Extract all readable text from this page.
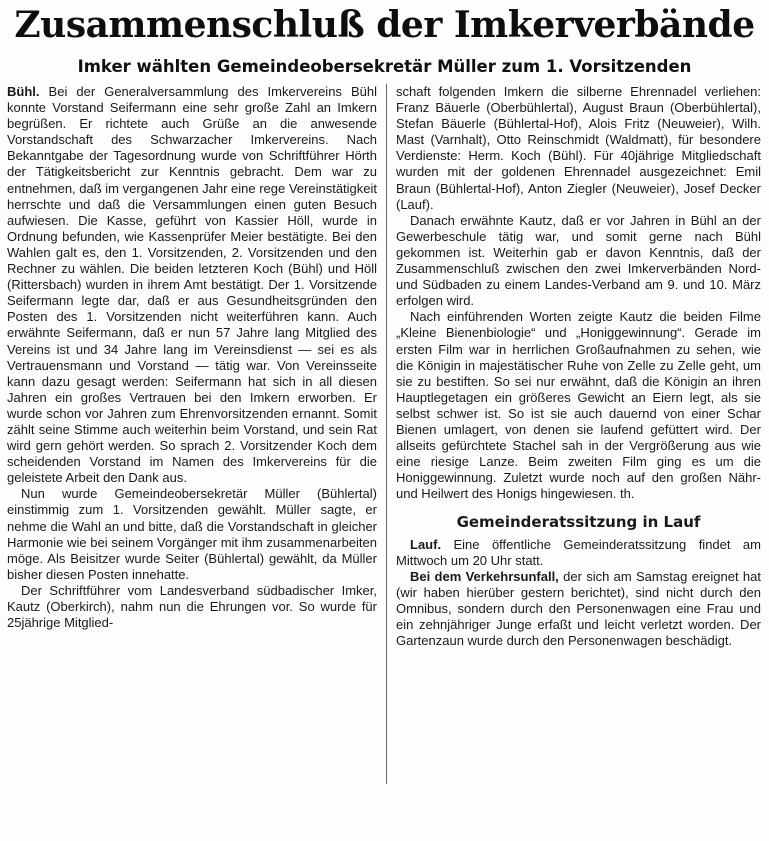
Zusammenschluß der Imkerverbände
Imker wählten Gemeindeobersekretär Müller zum 1. Vorsitzenden

Bühl. Bei der Generalversammlung des Imkervereins Bühl konnte Vorstand Seifermann eine sehr große Zahl an Imkern begrüßen. Er richtete auch Grüße an die anwesende Vorstandschaft des Schwarzacher Imkervereins. Nach Bekanntgabe der Tagesordnung wurde von Schriftführer Hörth der Tätigkeitsbericht zur Kenntnis gebracht. Dem war zu entnehmen, daß im vergangenen Jahr eine rege Vereinstätigkeit herrschte und daß die Versammlungen einen guten Besuch aufwiesen. Die Kasse, geführt von Kassier Höll, wurde in Ordnung befunden, wie Kassenprüfer Meier bestätigte. Bei den Wahlen galt es, den 1. Vorsitzenden, 2. Vorsitzenden und den Rechner zu wählen. Die beiden letzteren Koch (Bühl) und Höll (Rittersbach) wurden in ihrem Amt bestätigt. Der 1. Vorsitzende Seifermann legte dar, daß er aus Gesundheitsgründen den Posten des 1. Vorsitzenden nicht weiterführen kann. Auch erwähnte Seifermann, daß er nun 57 Jahre lang Mitglied des Vereins ist und 34 Jahre lang im Vereinsdienst — sei es als Vertrauensmann und Vorstand — tätig war. Von Vereinsseite kann dazu gesagt werden: Seifermann hat sich in all diesen Jahren ein großes Vertrauen bei den Imkern erworben. Er wurde schon vor Jahren zum Ehrenvorsitzenden ernannt. Somit zählt seine Stimme auch weiterhin beim Vorstand, und sein Rat wird gern gehört werden. So sprach 2. Vorsitzender Koch dem scheidenden Vorstand im Namen des Imkervereins für die geleistete Arbeit den Dank aus.

Nun wurde Gemeindeobersekretär Müller (Bühlertal) einstimmig zum 1. Vorsitzenden gewählt. Müller sagte, er nehme die Wahl an und bitte, daß die Vorstandschaft in gleicher Harmonie wie bei seinem Vorgänger mit ihm zusammenarbeiten möge. Als Beisitzer wurde Seiter (Bühlertal) gewählt, da Müller bisher diesen Posten innehatte.

Der Schriftführer vom Landesverband südbadischer Imker, Kautz (Oberkirch), nahm nun die Ehrungen vor. So wurde für 25jährige Mitglied-

schaft folgenden Imkern die silberne Ehrennadel verliehen: Franz Bäuerle (Oberbühlertal), August Braun (Oberbühlertal), Stefan Bäuerle (Bühlertal-Hof), Alois Fritz (Neuweier), Wilh. Mast (Varnhalt), Otto Reinschmidt (Waldmatt), für besondere Verdienste: Herm. Koch (Bühl). Für 40jährige Mitgliedschaft wurden mit der goldenen Ehrennadel ausgezeichnet: Emil Braun (Bühlertal-Hof), Anton Ziegler (Neuweier), Josef Decker (Lauf).

Danach erwähnte Kautz, daß er vor Jahren in Bühl an der Gewerbeschule tätig war, und somit gerne nach Bühl gekommen ist. Weiterhin gab er davon Kenntnis, daß der Zusammenschluß zwischen den zwei Imkerverbänden Nord- und Südbaden zu einem Landes-Verband am 9. und 10. März erfolgen wird.

Nach einführenden Worten zeigte Kautz die beiden Filme „Kleine Bienenbiologie“ und „Honiggewinnung“. Gerade im ersten Film war in herrlichen Großaufnahmen zu sehen, wie die Königin in majestätischer Ruhe von Zelle zu Zelle geht, um sie zu bestiften. So sei nur erwähnt, daß die Königin an ihren Hauptlegetagen ein größeres Gewicht an Eiern legt, als sie selbst schwer ist. So ist sie auch dauernd von einer Schar Bienen umlagert, von denen sie laufend gefüttert wird. Der allseits gefürchtete Stachel sah in der Vergrößerung aus wie eine riesige Lanze. Beim zweiten Film ging es um die Honiggewinnung. Zuletzt wurde noch auf den großen Nähr- und Heilwert des Honigs hingewiesen. th.

Gemeinderatssitzung in Lauf

Lauf. Eine öffentliche Gemeinderatssitzung findet am Mittwoch um 20 Uhr statt.

Bei dem Verkehrsunfall, der sich am Samstag ereignet hat (wir haben hierüber gestern berichtet), sind nicht durch den Omnibus, sondern durch den Personenwagen eine Frau und ein zehnjähriger Junge erfaßt und leicht verletzt worden. Der Gartenzaun wurde durch den Personenwagen beschädigt.
